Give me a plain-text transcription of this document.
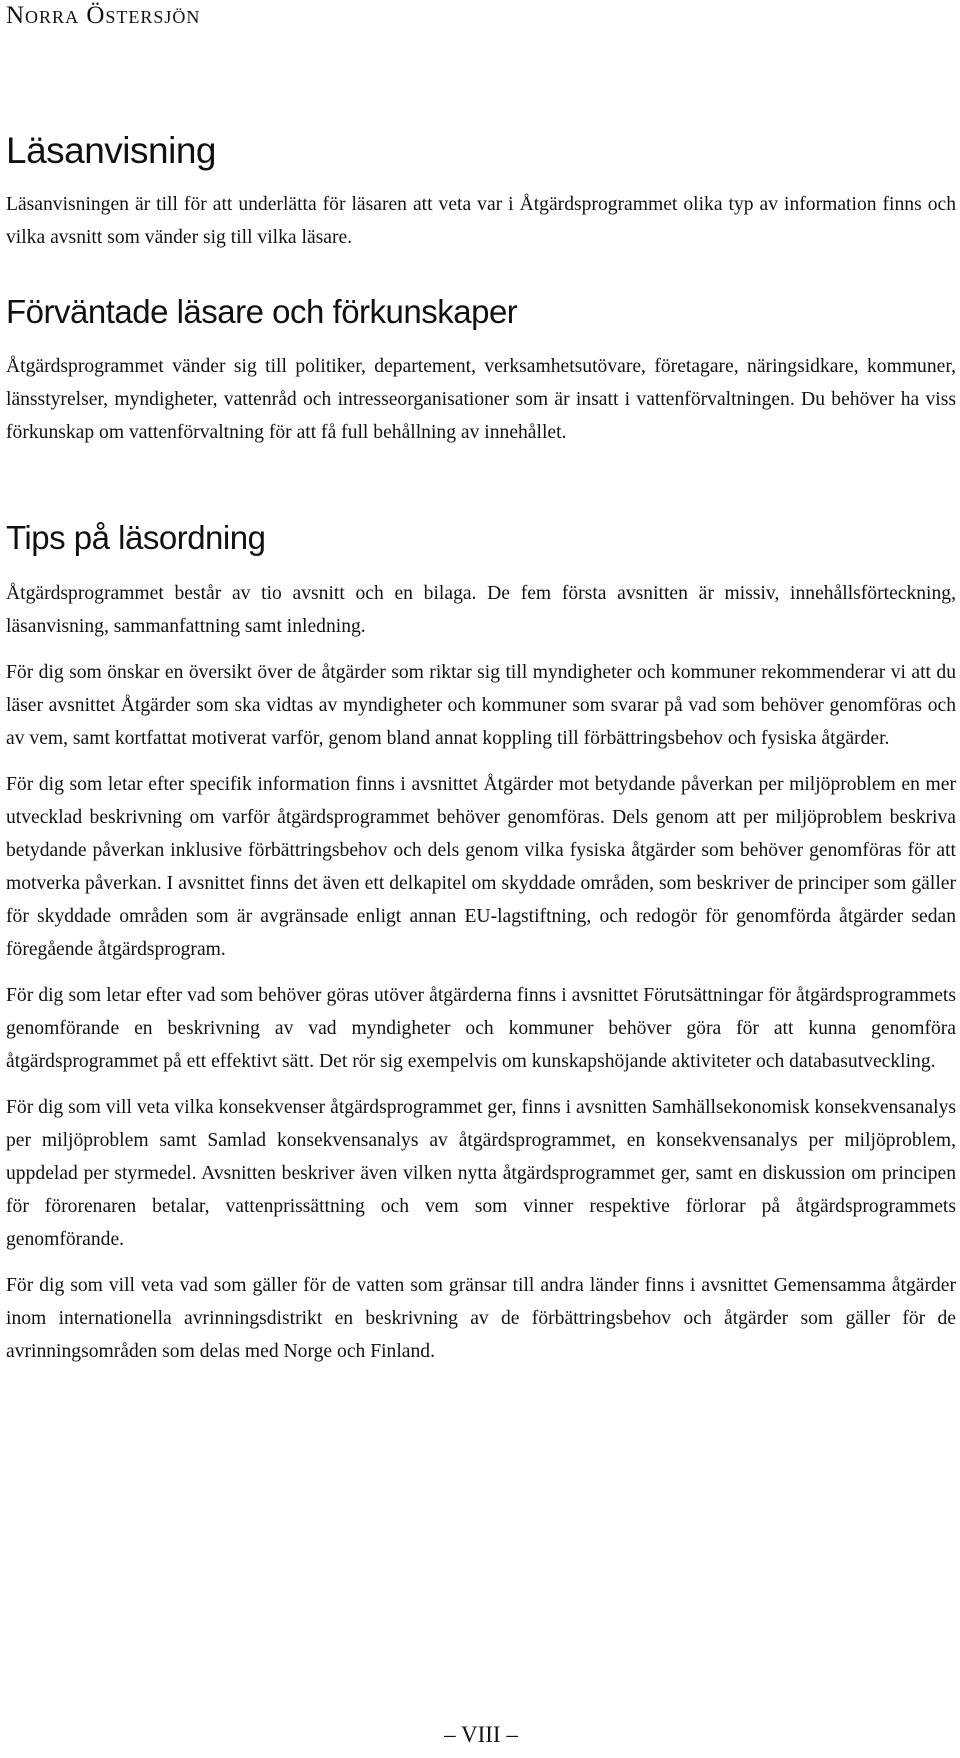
Norra Östersjön
Läsanvisning

Läsanvisningen är till för att underlätta för läsaren att veta var i Åtgärdsprogrammet olika typ av information finns och vilka avsnitt som vänder sig till vilka läsare.

Förväntade läsare och förkunskaper

Åtgärdsprogrammet vänder sig till politiker, departement, verksamhetsutövare, företagare, näringsidkare, kommuner, länsstyrelser, myndigheter, vattenråd och intresseorganisationer som är insatt i vattenförvaltningen. Du behöver ha viss förkunskap om vattenförvaltning för att få full behållning av innehållet.

Tips på läsordning

Åtgärdsprogrammet består av tio avsnitt och en bilaga. De fem första avsnitten är missiv, innehållsförteckning, läsanvisning, sammanfattning samt inledning.

För dig som önskar en översikt över de åtgärder som riktar sig till myndigheter och kommuner rekommenderar vi att du läser avsnittet Åtgärder som ska vidtas av myndigheter och kommuner som svarar på vad som behöver genomföras och av vem, samt kortfattat motiverat varför, genom bland annat koppling till förbättringsbehov och fysiska åtgärder.

För dig som letar efter specifik information finns i avsnittet Åtgärder mot betydande påverkan per miljöproblem en mer utvecklad beskrivning om varför åtgärdsprogrammet behöver genomföras. Dels genom att per miljöproblem beskriva betydande påverkan inklusive förbättringsbehov och dels genom vilka fysiska åtgärder som behöver genomföras för att motverka påverkan. I avsnittet finns det även ett delkapitel om skyddade områden, som beskriver de principer som gäller för skyddade områden som är avgränsade enligt annan EU-lagstiftning, och redogör för genomförda åtgärder sedan föregående åtgärdsprogram.

För dig som letar efter vad som behöver göras utöver åtgärderna finns i avsnittet Förutsättningar för åtgärdsprogrammets genomförande en beskrivning av vad myndigheter och kommuner behöver göra för att kunna genomföra åtgärdsprogrammet på ett effektivt sätt. Det rör sig exempelvis om kunskapshöjande aktiviteter och databasutveckling.

För dig som vill veta vilka konsekvenser åtgärdsprogrammet ger, finns i avsnitten Samhällsekonomisk konsekvensanalys per miljöproblem samt Samlad konsekvensanalys av åtgärdsprogrammet, en konsekvensanalys per miljöproblem, uppdelad per styrmedel. Avsnitten beskriver även vilken nytta åtgärdsprogrammet ger, samt en diskussion om principen för förorenaren betalar, vattenprissättning och vem som vinner respektive förlorar på åtgärdsprogrammets genomförande.

För dig som vill veta vad som gäller för de vatten som gränsar till andra länder finns i avsnittet Gemensamma åtgärder inom internationella avrinningsdistrikt en beskrivning av de förbättringsbehov och åtgärder som gäller för de avrinningsområden som delas med Norge och Finland.

– VIII –
